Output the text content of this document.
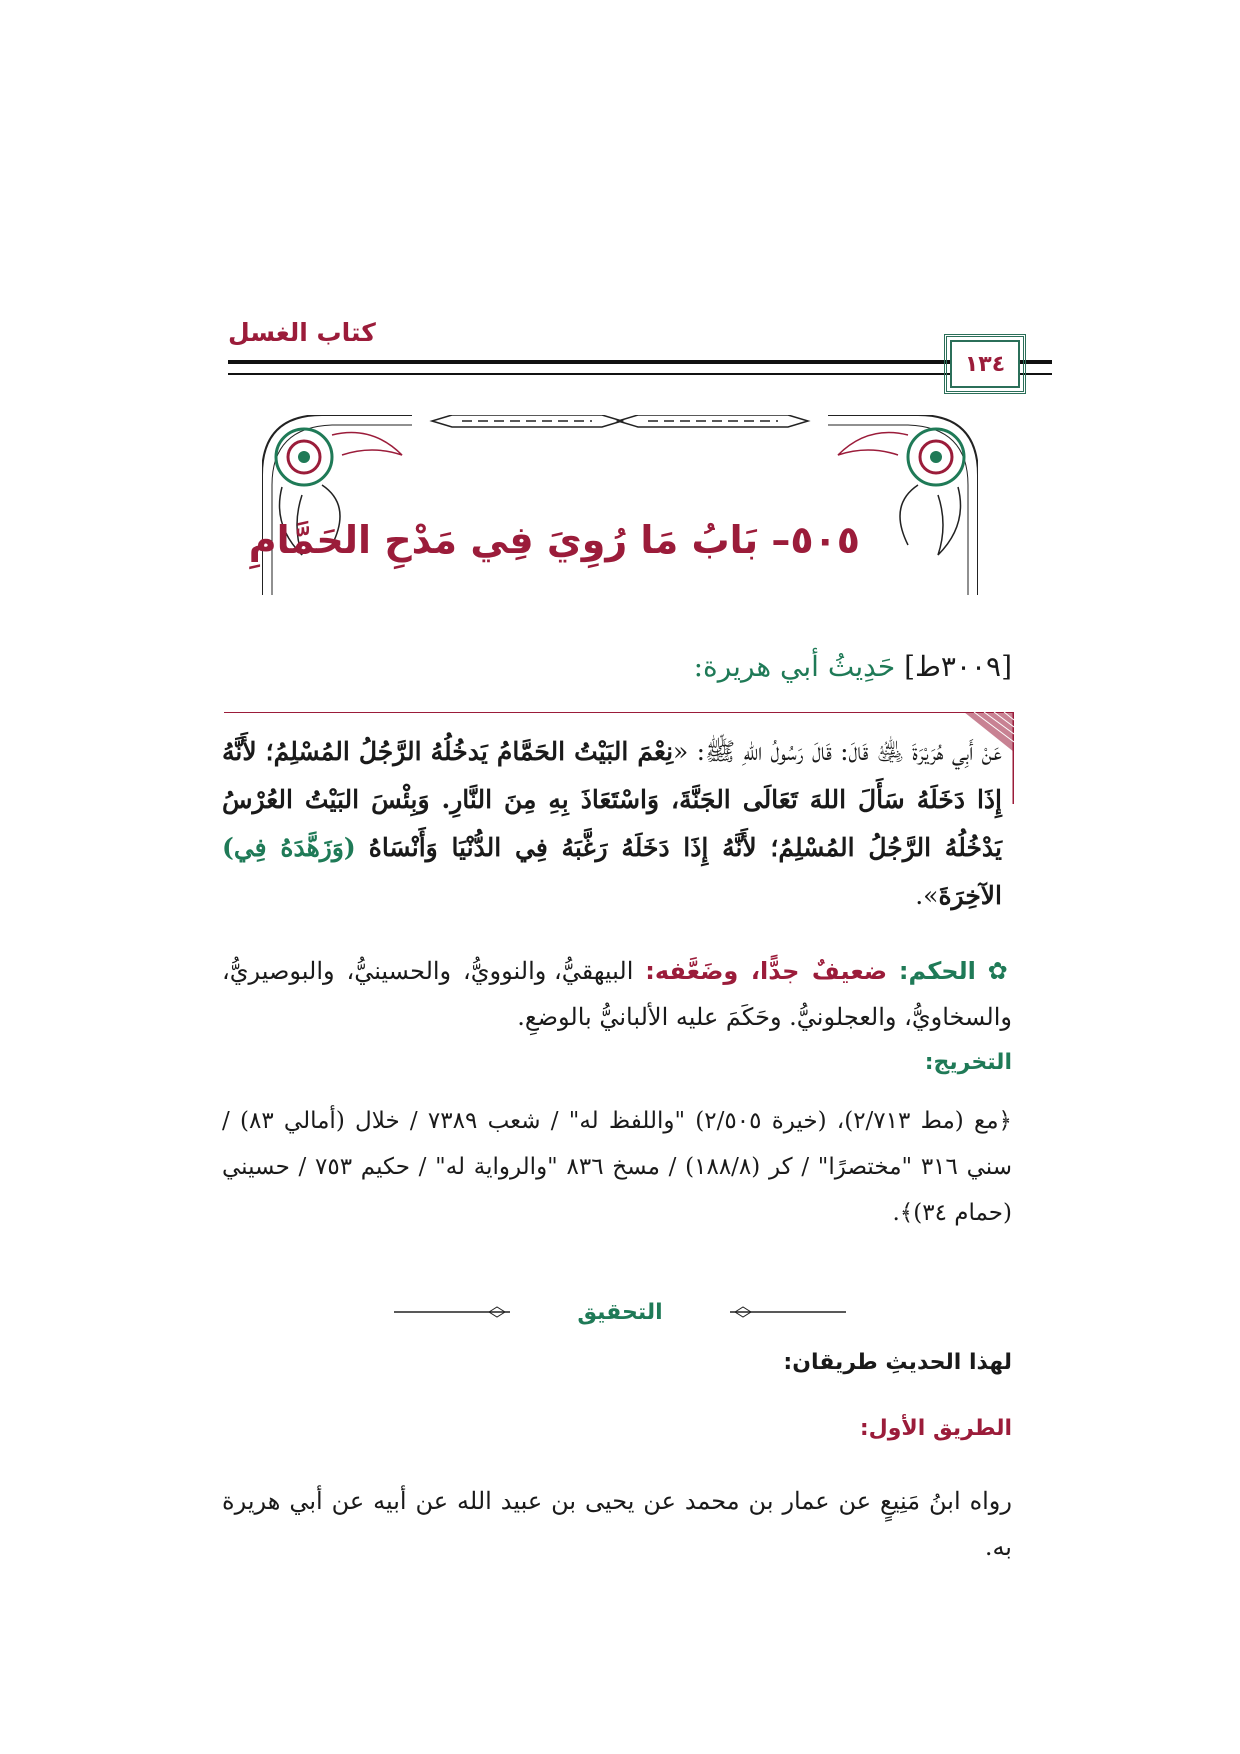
كتاب الغسل
١٣٤
٥٠٥– بَابُ مَا رُوِيَ فِي مَدْحِ الحَمَّامِ
[٣٠٠٩ط] حَدِيثُ أبي هريرة:
عَنْ أَبِي هُرَيْرَةَ ﵁ قَالَ: قَالَ رَسُولُ اللهِ ﷺ: «نِعْمَ البَيْتُ الحَمَّامُ يَدخُلُهُ الرَّجُلُ المُسْلِمُ؛ لأَنَّهُ إِذَا دَخَلَهُ سَأَلَ اللهَ تَعَالَى الجَنَّةَ، وَاسْتَعَاذَ بِهِ مِنَ النَّارِ. وَبِئْسَ البَيْتُ العُرْسُ يَدْخُلُهُ الرَّجُلُ المُسْلِمُ؛ لأَنَّهُ إِذَا دَخَلَهُ رَغَّبَهُ فِي الدُّنْيَا وَأَنْسَاهُ (وَزَهَّدَهُ فِي) الآخِرَةَ».
✿ الحكم: ضعيفٌ جدًّا، وضَعَّفه: البيهقيُّ، والنوويُّ، والحسينيُّ، والبوصيريُّ، والسخاويُّ، والعجلونيُّ. وحَكَمَ عليه الألبانيُّ بالوضعِ.
التخريج:
﴿مع (مط ٢/٧١٣)، (خيرة ٢/٥٠٥) "واللفظ له" / شعب ٧٣٨٩ / خلال (أمالي ٨٣) / سني ٣١٦ "مختصرًا" / كر (١٨٨/٨) / مسخ ٨٣٦ "والرواية له" / حكيم ٧٥٣ / حسيني (حمام ٣٤)﴾.
التحقيق
لهذا الحديثِ طريقان:
الطريق الأول:
رواه ابنُ مَنِيعٍ عن عمار بن محمد عن يحيى بن عبيد الله عن أبيه عن أبي هريرة به.
